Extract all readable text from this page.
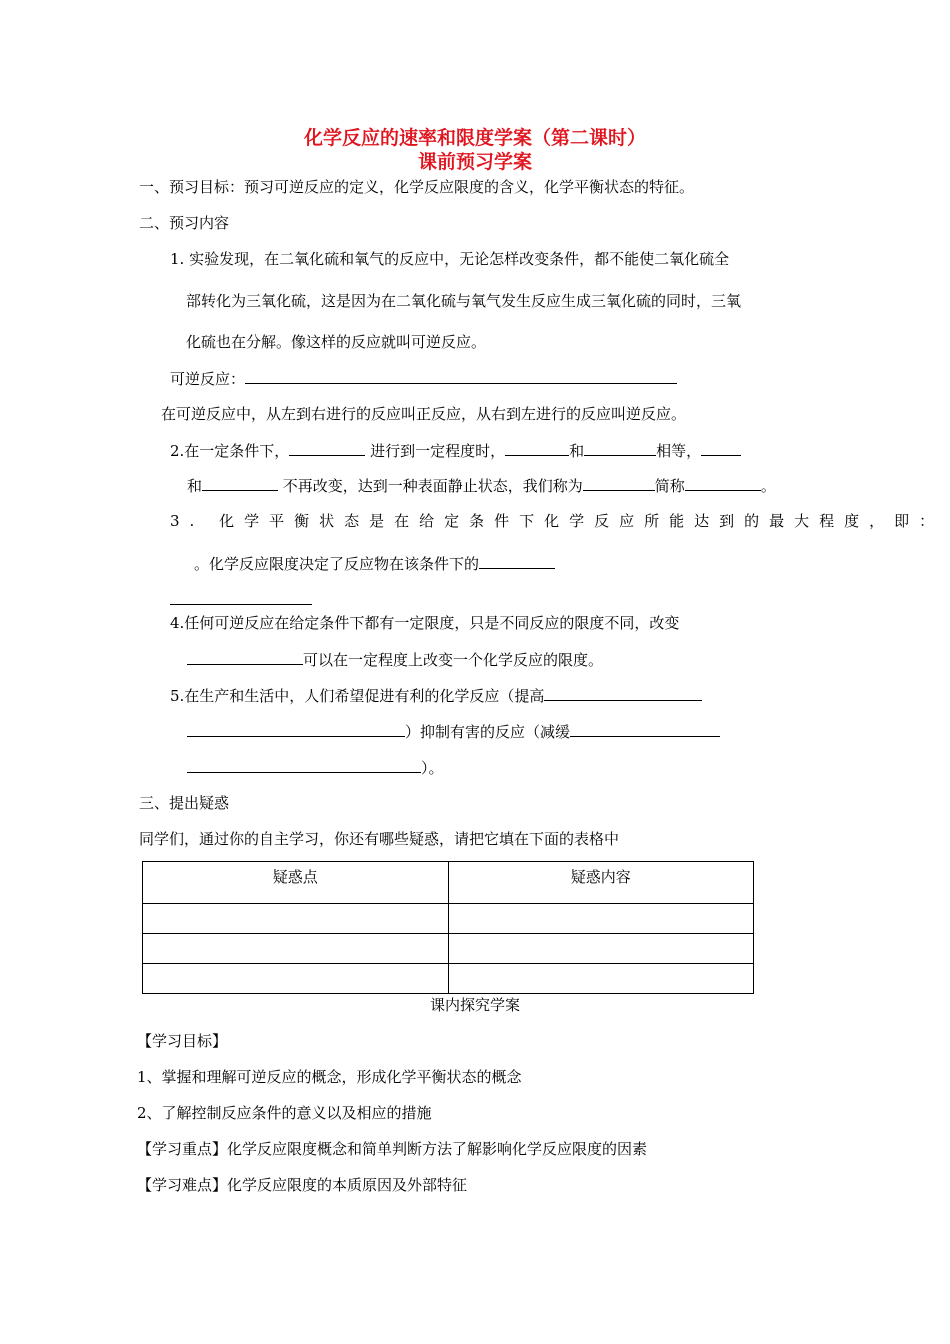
化学反应的速率和限度学案（第二课时）
课前预习学案
一、预习目标：预习可逆反应的定义，化学反应限度的含义，化学平衡状态的特征。
二、预习内容
1. 实验发现，在二氧化硫和氧气的反应中，无论怎样改变条件，都不能使二氧化硫全
部转化为三氧化硫，这是因为在二氧化硫与氧气发生反应生成三氧化硫的同时，三氧
化硫也在分解。像这样的反应就叫可逆反应。
可逆反应：
在可逆反应中，从左到右进行的反应叫正反应，从右到左进行的反应叫逆反应。
2.在一定条件下，	进行到一定程度时，	和	相等，
和	不再改变，达到一种表面静止状态，我们称为	简称	。
3. 化学平衡状态是在给定条件下化学反应所能达到的最大程度，即：
。化学反应限度决定了反应物在该条件下的
4.任何可逆反应在给定条件下都有一定限度，只是不同反应的限度不同，改变
可以在一定程度上改变一个化学反应的限度。
5.在生产和生活中，人们希望促进有利的化学反应（提高
）抑制有害的反应（减缓
）。
三、提出疑惑
同学们，通过你的自主学习，你还有哪些疑惑，请把它填在下面的表格中
疑惑点	疑惑内容

课内探究学案
【学习目标】
1、掌握和理解可逆反应的概念，形成化学平衡状态的概念
2、了解控制反应条件的意义以及相应的措施
【学习重点】化学反应限度概念和简单判断方法了解影响化学反应限度的因素
【学习难点】化学反应限度的本质原因及外部特征
